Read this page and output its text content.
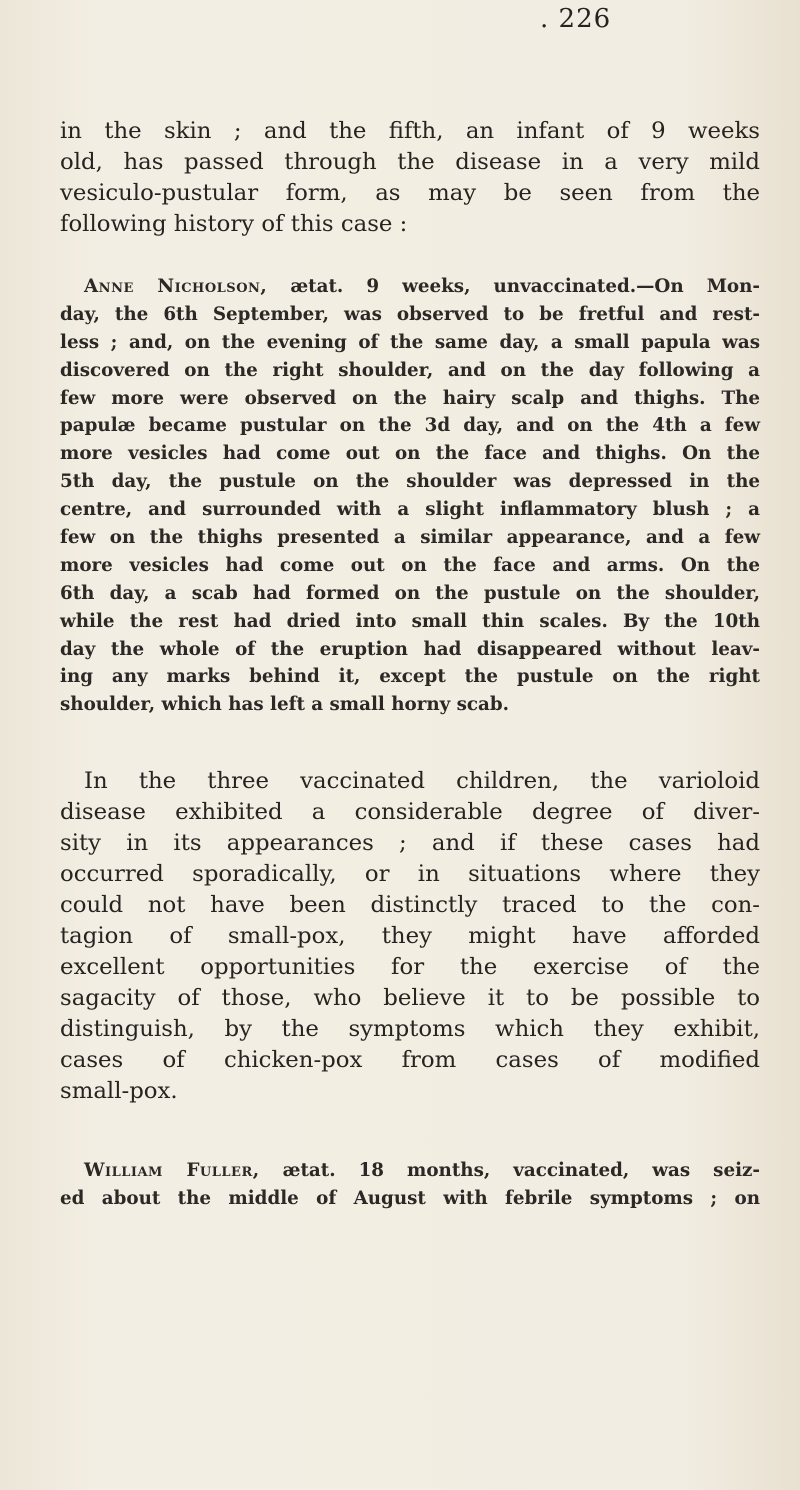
. 226
in the skin ; and the fifth, an infant of 9 weeks
old, has passed through the disease in a very mild
vesiculo-pustular form, as may be seen from the
following history of this case :
Anne Nicholson, ætat. 9 weeks, unvaccinated.—On Mon-
day, the 6th September, was observed to be fretful and rest-
less ; and, on the evening of the same day, a small papula was
discovered on the right shoulder, and on the day following a
few more were observed on the hairy scalp and thighs. The
papulæ became pustular on the 3d day, and on the 4th a few
more vesicles had come out on the face and thighs. On the
5th day, the pustule on the shoulder was depressed in the
centre, and surrounded with a slight inflammatory blush ; a
few on the thighs presented a similar appearance, and a few
more vesicles had come out on the face and arms. On the
6th day, a scab had formed on the pustule on the shoulder,
while the rest had dried into small thin scales. By the 10th
day the whole of the eruption had disappeared without leav-
ing any marks behind it, except the pustule on the right
shoulder, which has left a small horny scab.
In the three vaccinated children, the varioloid
disease exhibited a considerable degree of diver-
sity in its appearances ; and if these cases had
occurred sporadically, or in situations where they
could not have been distinctly traced to the con-
tagion of small-pox, they might have afforded
excellent opportunities for the exercise of the
sagacity of those, who believe it to be possible to
distinguish, by the symptoms which they exhibit,
cases of chicken-pox from cases of modified
small-pox.
William Fuller, ætat. 18 months, vaccinated, was seiz-
ed about the middle of August with febrile symptoms ; on
